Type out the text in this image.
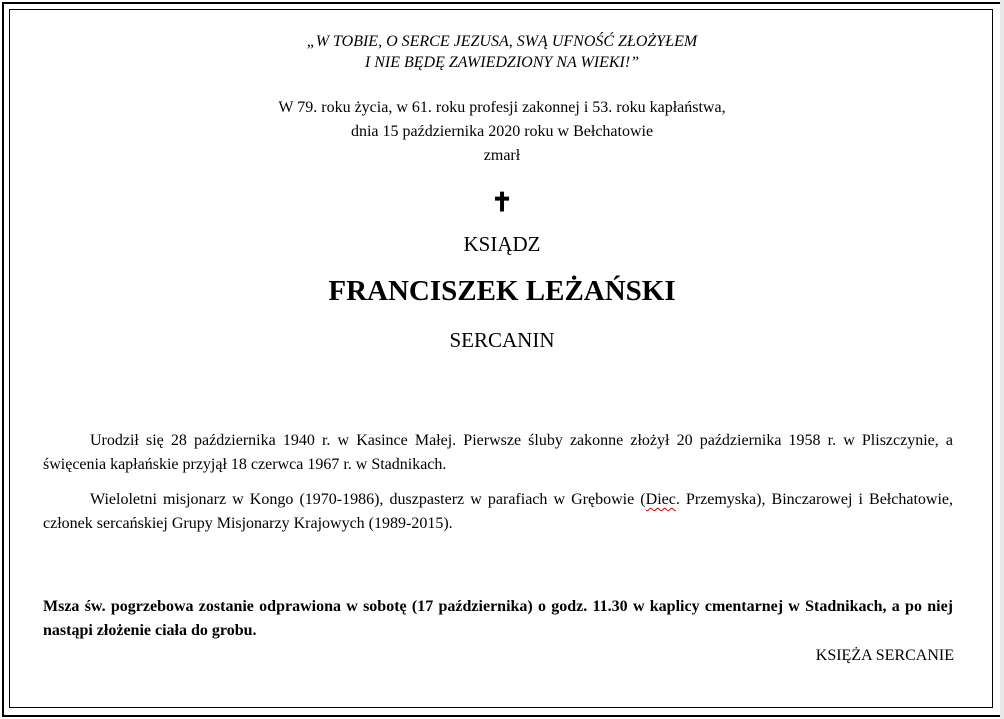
„W TOBIE, O SERCE JEZUSA, SWĄ UFNOŚĆ ZŁOŻYŁEM
I NIE BĘDĘ ZAWIEDZIONY NA WIEKI!”
W 79. roku życia, w 61. roku profesji zakonnej i 53. roku kapłaństwa,
dnia 15 października 2020 roku w Bełchatowie
zmarł
✝
KSIĄDZ
FRANCISZEK LEŻAŃSKI
SERCANIN
Urodził się 28 października 1940 r. w Kasince Małej. Pierwsze śluby zakonne złożył 20 października 1958 r. w Pliszczynie, a święcenia kapłańskie przyjął 18 czerwca 1967 r. w Stadnikach.
Wieloletni misjonarz w Kongo (1970-1986), duszpasterz w parafiach w Grębowie (Diec. Przemyska), Binczarowej i Bełchatowie, członek sercańskiej Grupy Misjonarzy Krajowych (1989-2015).
Msza św. pogrzebowa zostanie odprawiona w sobotę (17 października) o godz. 11.30 w kaplicy cmentarnej w Stadnikach, a po niej nastąpi złożenie ciała do grobu.
KSIĘŻA SERCANIE
